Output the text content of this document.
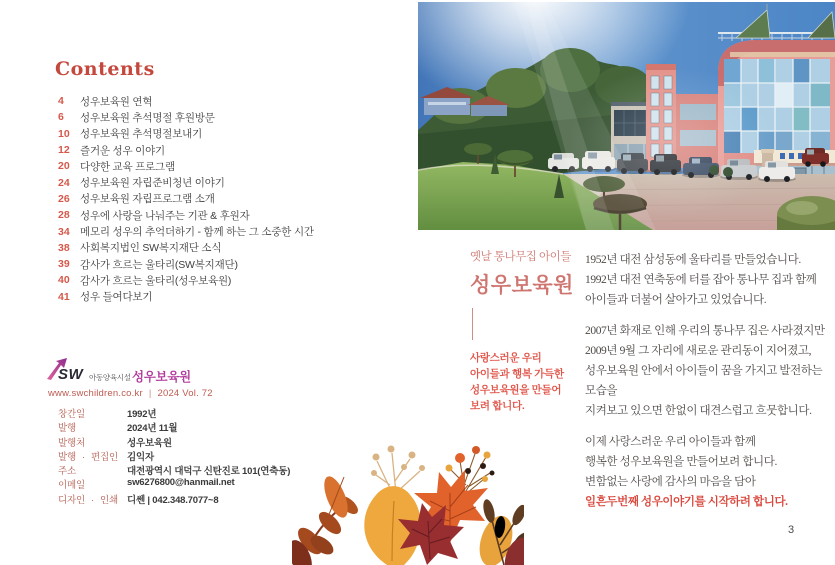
Contents
4	성우보육원 연혁
6	성우보육원 추석명절 후원방문
10 성우보육원 추석명절보내기
12 즐거운 성우 이야기
20 다양한 교육 프로그램
24 성우보육원 자립준비청년 이야기
26 성우보육원 자립프로그램 소개
28 성우에 사랑을 나눠주는 기관 & 후원자
34 메모리 성우의 추억더하기 - 함께 하는 그 소중한 시간
38 사회복지법인 SW복지재단 소식
39 감사가 흐르는 울타리(SW복지재단)
40 감사가 흐르는 울타리(성우보육원)
41 성우 들여다보기
SW 아동양육시설 성우보육원
www.swchildren.co.kr | 2024 Vol. 72
창간일	1992년
발행	2024년 11월
발행처	성우보육원
발행 · 편집인 김익자
주소	대전광역시 대덕구 신탄진로 101(연축동)
이메일	sw6276800@hanmail.net
디자인 · 인쇄 디쎈 | 042.348.7077~8
옛날 통나무집 아이들
성우보육원
사랑스러운 우리
아이들과 행복 가득한
성우보육원을 만들어
보려 합니다.
1952년 대전 삼성동에 울타리를 만들었습니다.
1992년 대전 연축동에 터를 잡아 통나무 집과 함께
아이들과 더불어 살아가고 있었습니다.
2007년 화재로 인해 우리의 통나무 집은 사라졌지만
2009년 9월 그 자리에 새로운 관리동이 지어졌고,
성우보육원 안에서 아이들이 꿈을 가지고 발전하는 모습을
지켜보고 있으면 한없이 대견스럽고 흐뭇합니다.
이제 사랑스러운 우리 아이들과 함께
행복한 성우보육원을 만들어보려 합니다.
변함없는 사랑에 감사의 마음을 담아
일흔두번째 성우이야기를 시작하려 합니다.
3
